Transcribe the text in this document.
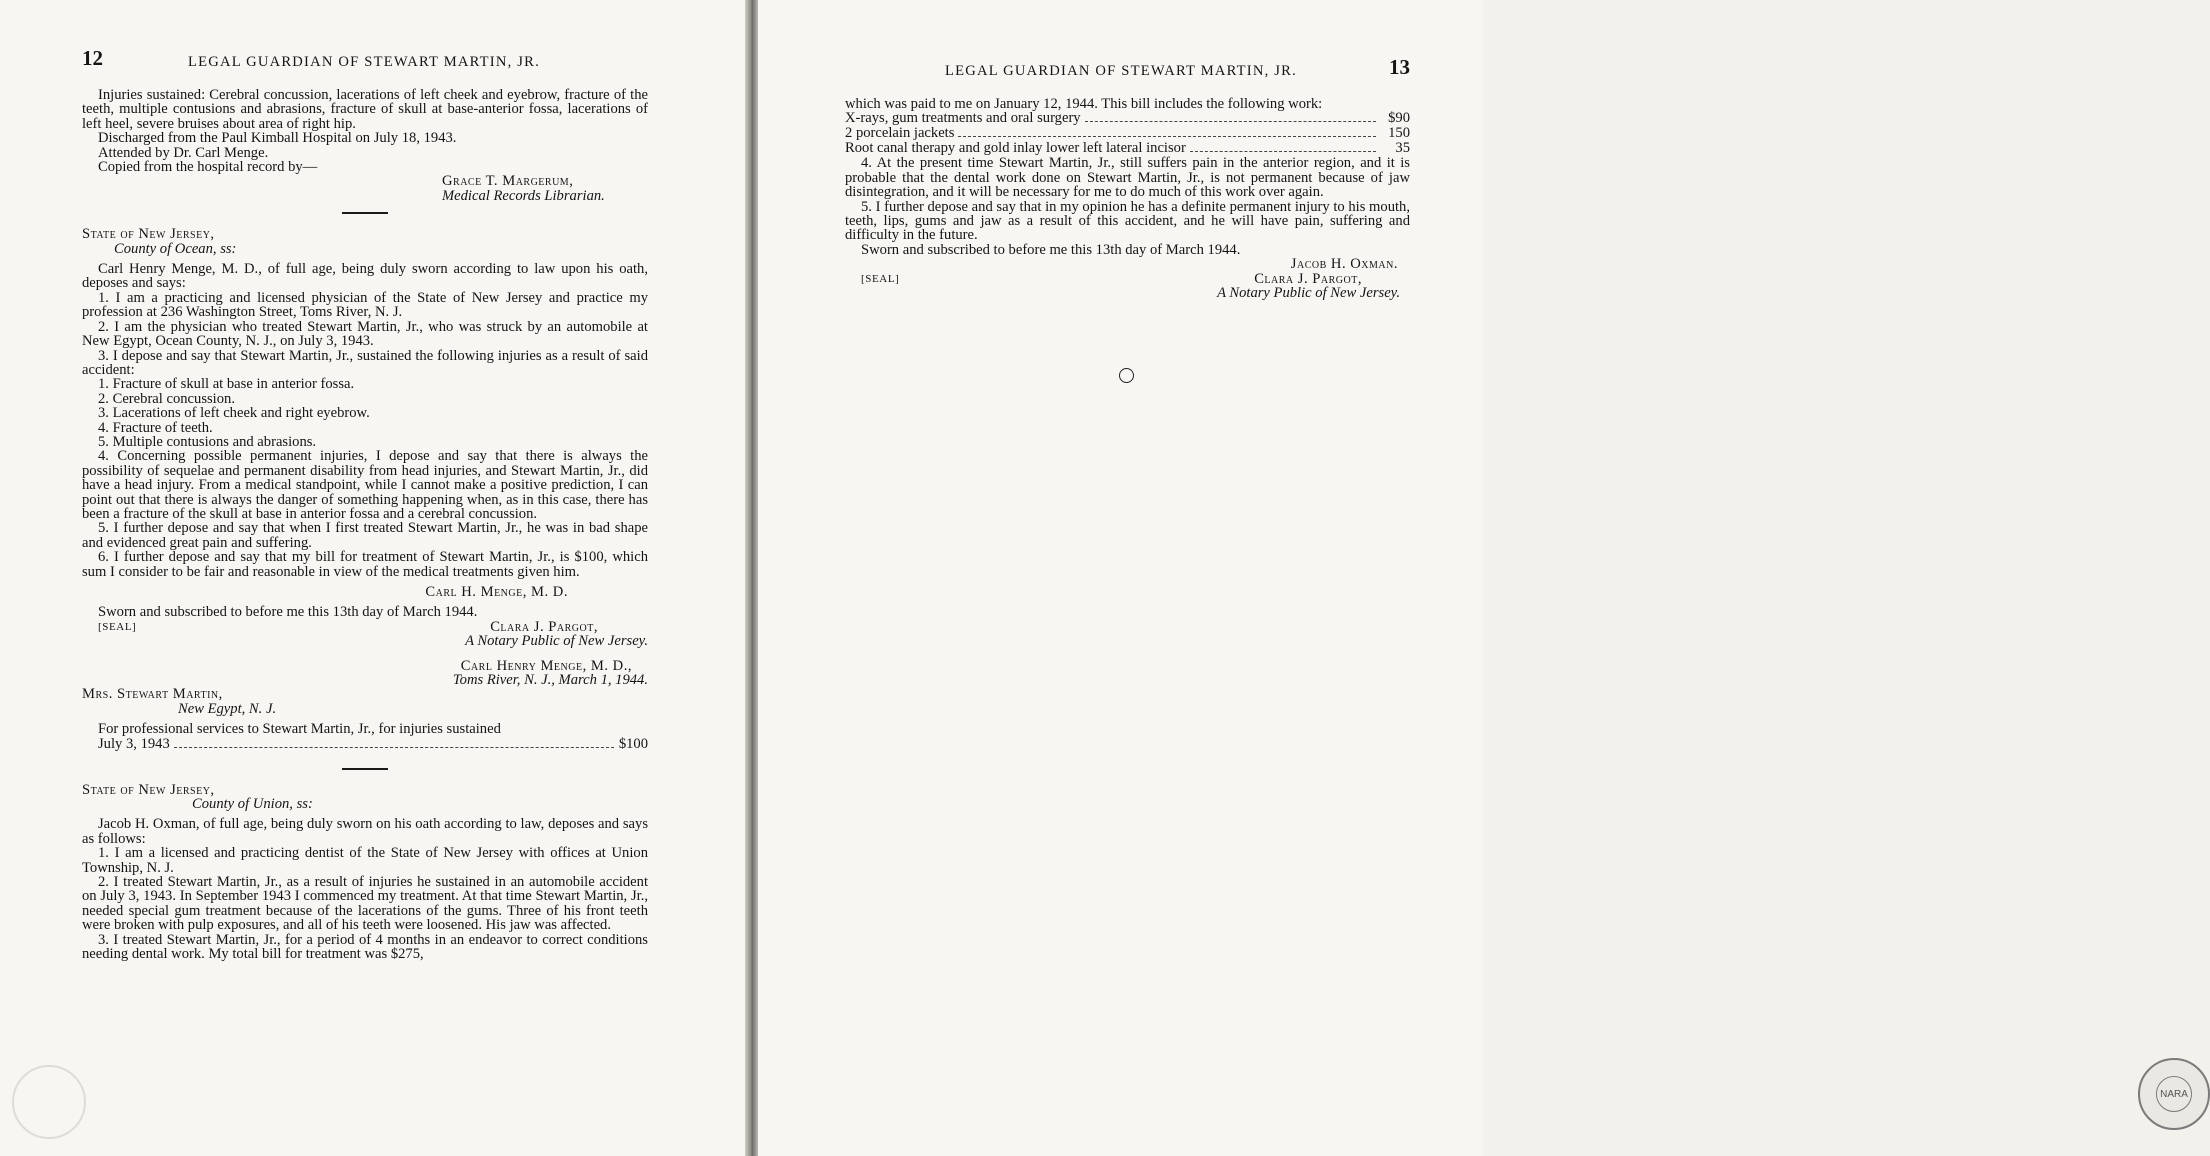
12	LEGAL GUARDIAN OF STEWART MARTIN, JR.

Injuries sustained: Cerebral concussion, lacerations of left cheek and eyebrow, fracture of the teeth, multiple contusions and abrasions, fracture of skull at base-anterior fossa, lacerations of left heel, severe bruises about area of right hip.

Discharged from the Paul Kimball Hospital on July 18, 1943.

Attended by Dr. Carl Menge.

Copied from the hospital record by—

Grace T. Margerum,

Medical Records Librarian.

State of New Jersey,

County of Ocean, ss:

Carl Henry Menge, M. D., of full age, being duly sworn according to law upon his oath, deposes and says:

1. I am a practicing and licensed physician of the State of New Jersey and practice my profession at 236 Washington Street, Toms River, N. J.

2. I am the physician who treated Stewart Martin, Jr., who was struck by an automobile at New Egypt, Ocean County, N. J., on July 3, 1943.

3. I depose and say that Stewart Martin, Jr., sustained the following injuries as a result of said accident:

1. Fracture of skull at base in anterior fossa.

2. Cerebral concussion.

3. Lacerations of left cheek and right eyebrow.

4. Fracture of teeth.

5. Multiple contusions and abrasions.

4. Concerning possible permanent injuries, I depose and say that there is always the possibility of sequelae and permanent disability from head injuries, and Stewart Martin, Jr., did have a head injury. From a medical standpoint, while I cannot make a positive prediction, I can point out that there is always the danger of something happening when, as in this case, there has been a fracture of the skull at base in anterior fossa and a cerebral concussion.

5. I further depose and say that when I first treated Stewart Martin, Jr., he was in bad shape and evidenced great pain and suffering.

6. I further depose and say that my bill for treatment of Stewart Martin, Jr., is $100, which sum I consider to be fair and reasonable in view of the medical treatments given him.

Carl H. Menge, M. D.

Sworn and subscribed to before me this 13th day of March 1944.

[SEAL]	Clara J. Pargot,

A Notary Public of New Jersey.

Carl Henry Menge, M. D.,

Toms River, N. J., March 1, 1944.

Mrs. Stewart Martin,

New Egypt, N. J.

For professional services to Stewart Martin, Jr., for injuries sustained

July 3, 1943	$100

State of New Jersey,

County of Union, ss:

Jacob H. Oxman, of full age, being duly sworn on his oath according to law, deposes and says as follows:

1. I am a licensed and practicing dentist of the State of New Jersey with offices at Union Township, N. J.

2. I treated Stewart Martin, Jr., as a result of injuries he sustained in an automobile accident on July 3, 1943. In September 1943 I commenced my treatment. At that time Stewart Martin, Jr., needed special gum treatment because of the lacerations of the gums. Three of his front teeth were broken with pulp exposures, and all of his teeth were loosened. His jaw was affected.

3. I treated Stewart Martin, Jr., for a period of 4 months in an endeavor to correct conditions needing dental work. My total bill for treatment was $275,

LEGAL GUARDIAN OF STEWART MARTIN, JR.	13

which was paid to me on January 12, 1944. This bill includes the following work:

X-rays, gum treatments and oral surgery	$90
2 porcelain jackets	150
Root canal therapy and gold inlay lower left lateral incisor	35

4. At the present time Stewart Martin, Jr., still suffers pain in the anterior region, and it is probable that the dental work done on Stewart Martin, Jr., is not permanent because of jaw disintegration, and it will be necessary for me to do much of this work over again.

5. I further depose and say that in my opinion he has a definite permanent injury to his mouth, teeth, lips, gums and jaw as a result of this accident, and he will have pain, suffering and difficulty in the future.

Sworn and subscribed to before me this 13th day of March 1944.

Jacob H. Oxman.

[SEAL]	Clara J. Pargot,

A Notary Public of New Jersey.

NARA
